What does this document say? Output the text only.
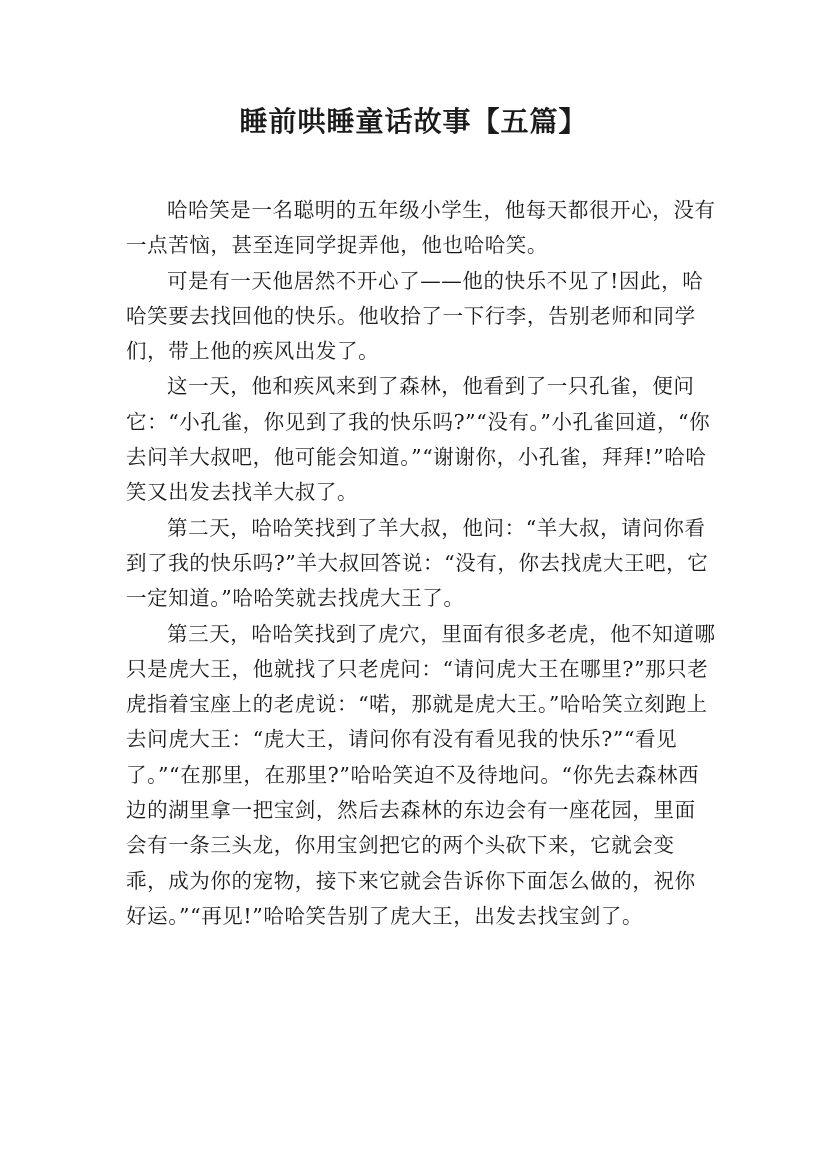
睡前哄睡童话故事【五篇】

哈哈笑是一名聪明的五年级小学生，他每天都很开心，没有一点苦恼，甚至连同学捉弄他，他也哈哈笑。

可是有一天他居然不开心了——他的快乐不见了!因此，哈哈笑要去找回他的快乐。他收拾了一下行李，告别老师和同学们，带上他的疾风出发了。

这一天，他和疾风来到了森林，他看到了一只孔雀，便问它：“小孔雀，你见到了我的快乐吗?”“没有。”小孔雀回道，“你去问羊大叔吧，他可能会知道。”“谢谢你，小孔雀，拜拜!”哈哈笑又出发去找羊大叔了。

第二天，哈哈笑找到了羊大叔，他问：“羊大叔，请问你看到了我的快乐吗?”羊大叔回答说：“没有，你去找虎大王吧，它一定知道。”哈哈笑就去找虎大王了。

第三天，哈哈笑找到了虎穴，里面有很多老虎，他不知道哪只是虎大王，他就找了只老虎问：“请问虎大王在哪里?”那只老虎指着宝座上的老虎说：“喏，那就是虎大王。”哈哈笑立刻跑上去问虎大王：“虎大王，请问你有没有看见我的快乐?”“看见了。”“在那里，在那里?”哈哈笑迫不及待地问。“你先去森林西边的湖里拿一把宝剑，然后去森林的东边会有一座花园，里面会有一条三头龙，你用宝剑把它的两个头砍下来，它就会变乖，成为你的宠物，接下来它就会告诉你下面怎么做的，祝你好运。”“再见!”哈哈笑告别了虎大王，出发去找宝剑了。
